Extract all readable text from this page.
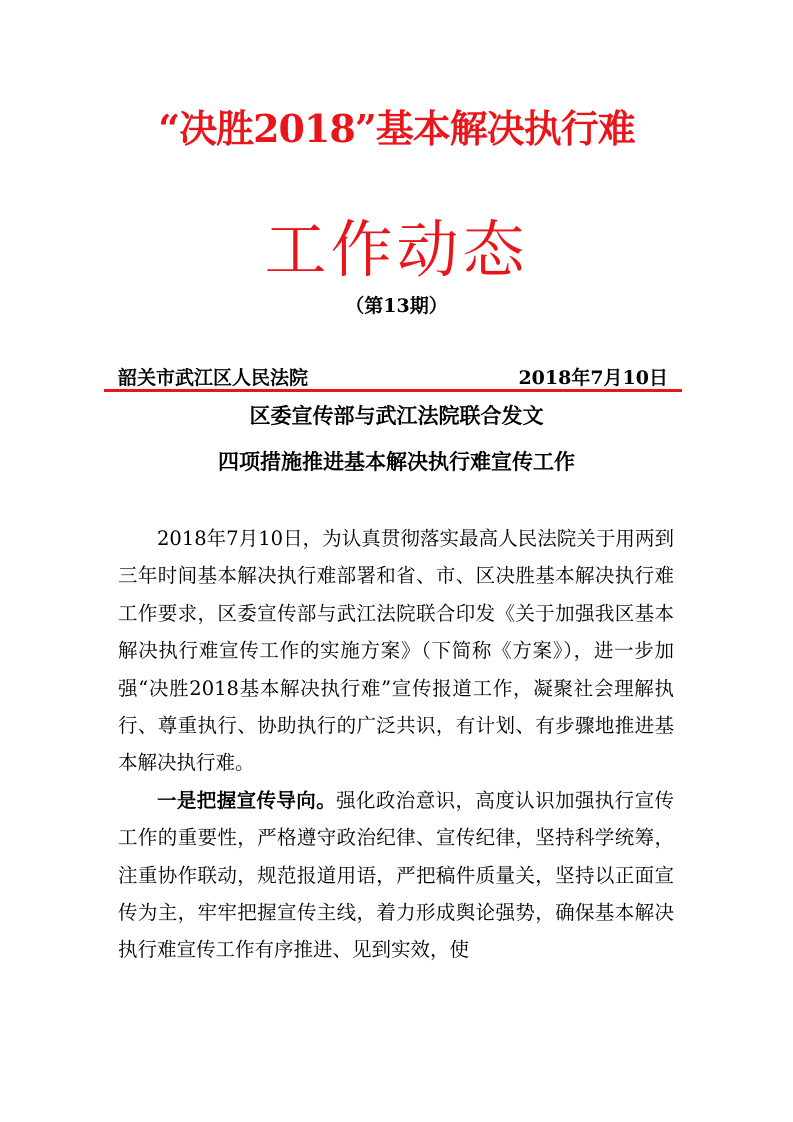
“决胜2018”基本解决执行难
工作动态
（第13期）
韶关市武江区人民法院	2018年7月10日
区委宣传部与武江法院联合发文
四项措施推进基本解决执行难宣传工作

2018年7月10日，为认真贯彻落实最高人民法院关于用两到三年时间基本解决执行难部署和省、市、区决胜基本解决执行难工作要求，区委宣传部与武江法院联合印发《关于加强我区基本解决执行难宣传工作的实施方案》（下简称《方案》），进一步加强“决胜2018基本解决执行难”宣传报道工作，凝聚社会理解执行、尊重执行、协助执行的广泛共识，有计划、有步骤地推进基本解决执行难。

一是把握宣传导向。强化政治意识，高度认识加强执行宣传工作的重要性，严格遵守政治纪律、宣传纪律，坚持科学统筹，注重协作联动，规范报道用语，严把稿件质量关，坚持以正面宣传为主，牢牢把握宣传主线，着力形成舆论强势，确保基本解决执行难宣传工作有序推进、见到实效，使
